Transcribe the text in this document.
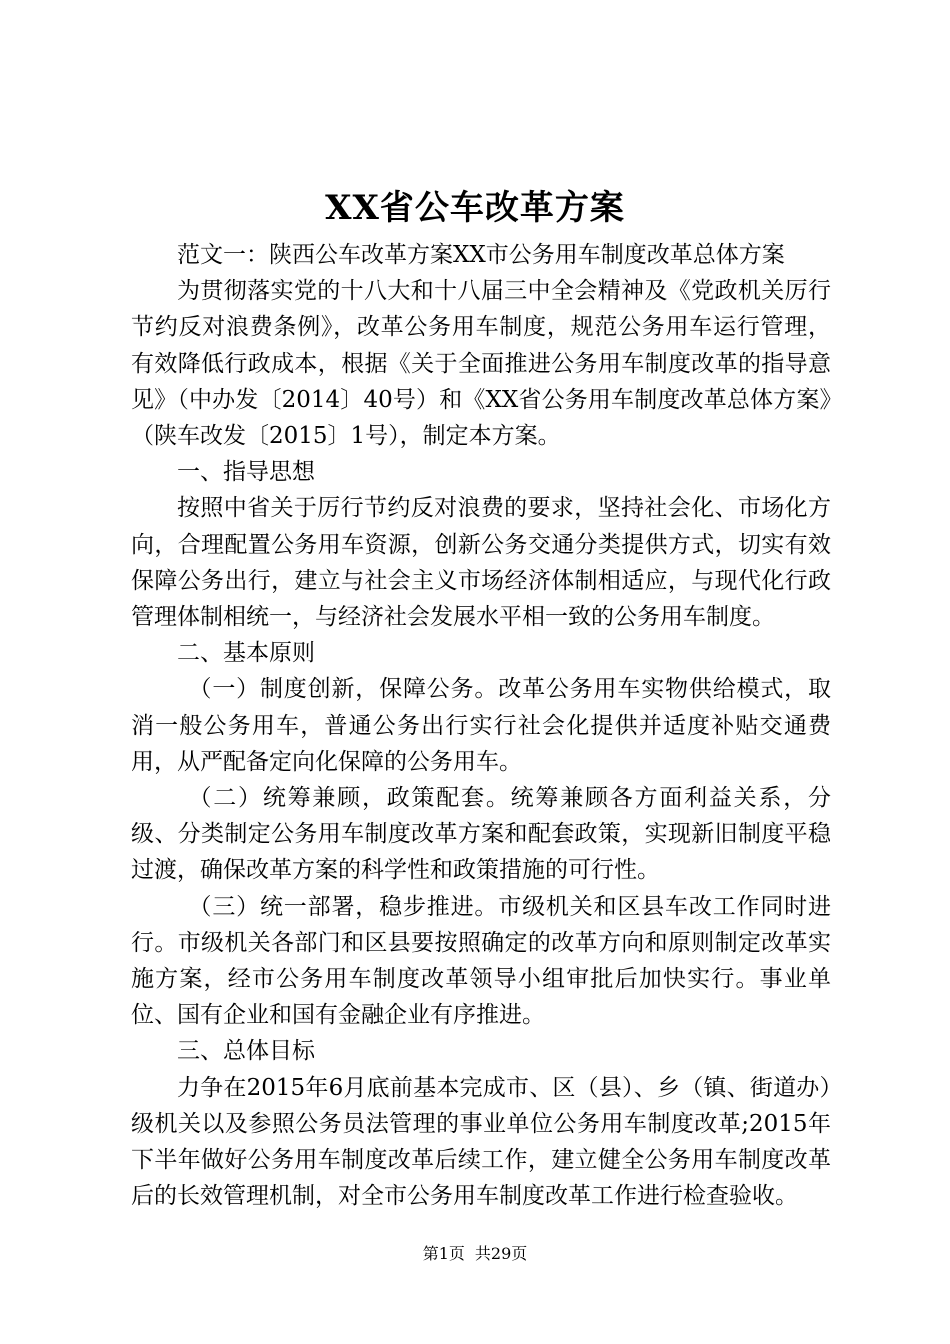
XX省公车改革方案

范文一：陕西公车改革方案XX市公务用车制度改革总体方案

为贯彻落实党的十八大和十八届三中全会精神及《党政机关厉行节约反对浪费条例》，改革公务用车制度，规范公务用车运行管理，有效降低行政成本，根据《关于全面推进公务用车制度改革的指导意见》（中办发〔2014〕40号）和《XX省公务用车制度改革总体方案》（陕车改发〔2015〕1号），制定本方案。

一、指导思想

按照中省关于厉行节约反对浪费的要求，坚持社会化、市场化方向，合理配置公务用车资源，创新公务交通分类提供方式，切实有效保障公务出行，建立与社会主义市场经济体制相适应，与现代化行政管理体制相统一，与经济社会发展水平相一致的公务用车制度。

二、基本原则

（一）制度创新，保障公务。改革公务用车实物供给模式，取消一般公务用车，普通公务出行实行社会化提供并适度补贴交通费用，从严配备定向化保障的公务用车。

（二）统筹兼顾，政策配套。统筹兼顾各方面利益关系，分级、分类制定公务用车制度改革方案和配套政策，实现新旧制度平稳过渡，确保改革方案的科学性和政策措施的可行性。

（三）统一部署，稳步推进。市级机关和区县车改工作同时进行。市级机关各部门和区县要按照确定的改革方向和原则制定改革实施方案，经市公务用车制度改革领导小组审批后加快实行。事业单位、国有企业和国有金融企业有序推进。

三、总体目标

力争在2015年6月底前基本完成市、区（县）、乡（镇、街道办）级机关以及参照公务员法管理的事业单位公务用车制度改革;2015年下半年做好公务用车制度改革后续工作，建立健全公务用车制度改革后的长效管理机制，对全市公务用车制度改革工作进行检查验收。

第1页 共29页
